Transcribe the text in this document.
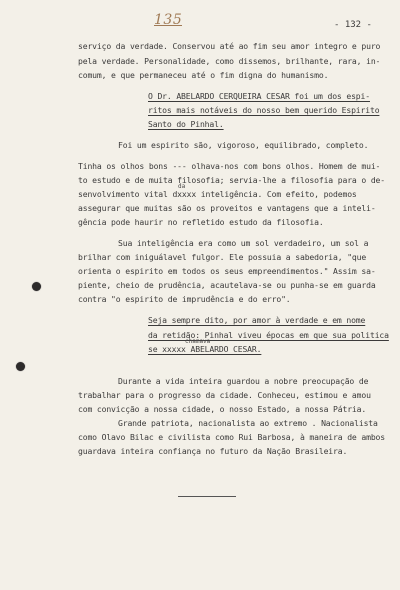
135	- 132 -
serviço da verdade. Conservou até ao fim seu amor integro e puro
pela verdade. Personalidade, como dissemos, brilhante, rara, in-
comum, e que permaneceu até o fim digna do humanismo.
O Dr. ABELARDO CERQUEIRA CESAR foi um dos espi-
ritos mais notáveis do nosso bem querido Espirito
Santo do Pinhal.
Foi um espirito são, vigoroso, equilibrado, completo.
Tinha os olhos bons --- olhava-nos com bons olhos. Homem de mui-
to estudo e de muita filosofia; servia-lhe a filosofia para o de-
da
senvolvimento vital dxxxx inteligência. Com efeito, podemos
assegurar que muitas são os proveitos e vantagens que a inteli-
gência pode haurir no refletido estudo da filosofia.
Sua inteligência era como um sol verdadeiro, um sol a
brilhar com iniguálavel fulgor. Ele possuia a sabedoria, "que
orienta o espirito em todos os seus empreendimentos." Assim sa-
piente, cheio de prudência, acautelava-se ou punha-se em guarda
contra "o espirito de imprudência e do erro".
Seja sempre dito, por amor à verdade e em nome
da retidão: Pinhal viveu épocas em que sua politica
chamava
se xxxxx ABELARDO CESAR.
Durante a vida inteira guardou a nobre preocupação de
trabalhar para o progresso da cidade. Conheceu, estimou e amou
com convicção a nossa cidade, o nosso Estado, a nossa Pátria.
Grande patriota, nacionalista ao extremo . Nacionalista
como Olavo Bilac e civilista como Rui Barbosa, à maneira de ambos
guardava inteira confiança no futuro da Nação Brasileira.
